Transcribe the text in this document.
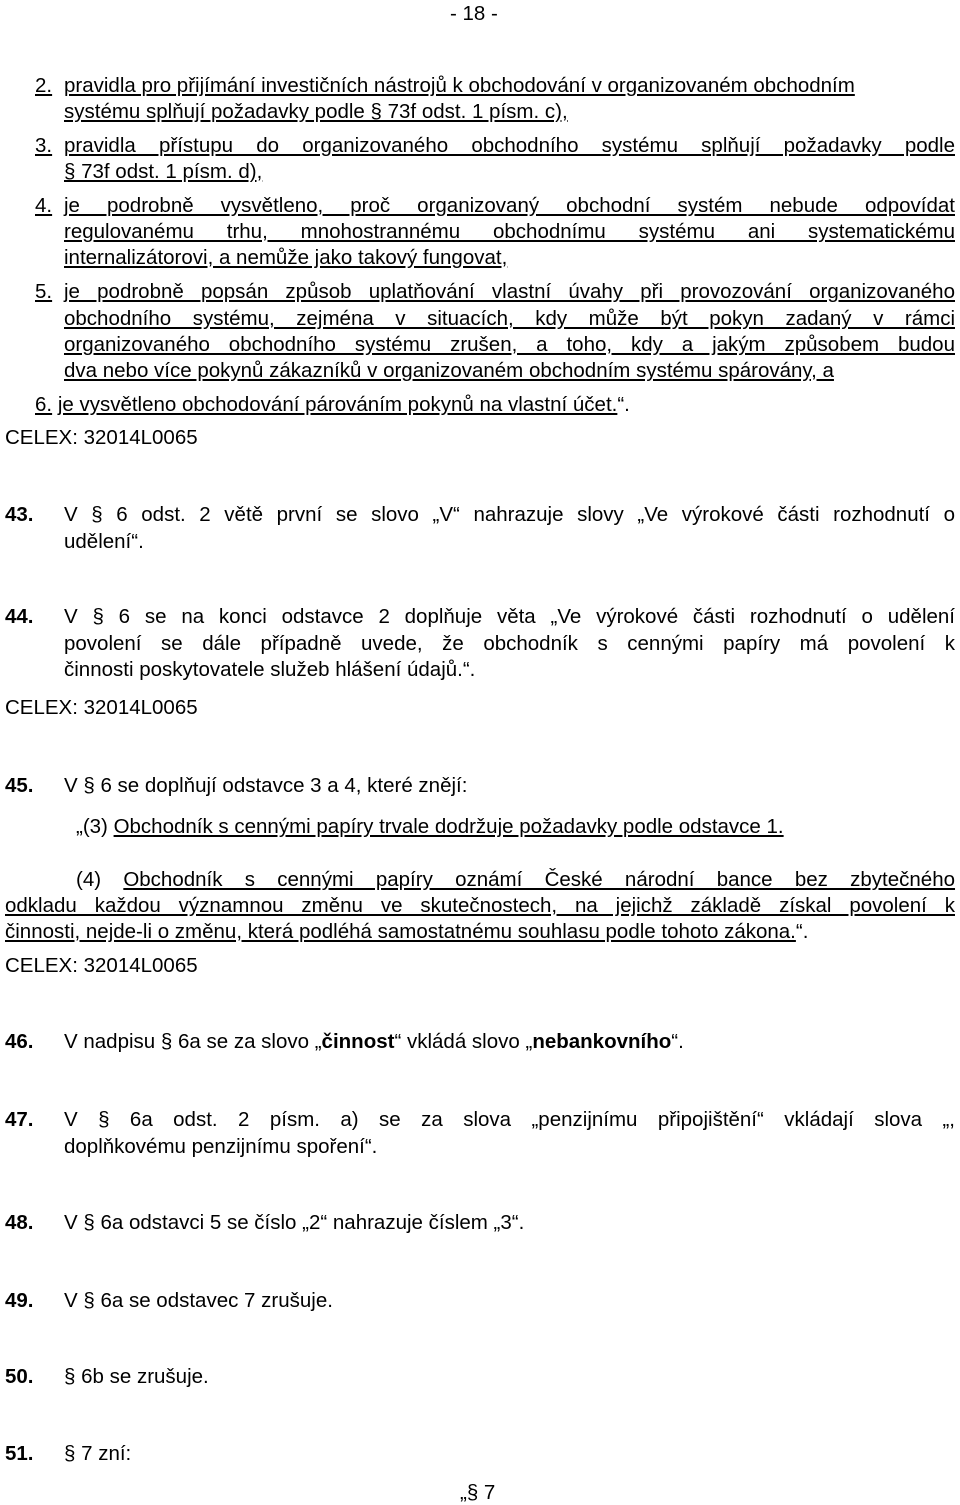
- 18 -
2. pravidla pro přijímání investičních nástrojů k obchodování v organizovaném obchodním
systému splňují požadavky podle § 73f odst. 1 písm. c),
3. pravidla přístupu do organizovaného obchodního systému splňují požadavky podle
§ 73f odst. 1 písm. d),
4. je podrobně vysvětleno, proč organizovaný obchodní systém nebude odpovídat
regulovanému trhu, mnohostrannému obchodnímu systému ani systematickému
internalizátorovi, a nemůže jako takový fungovat,
5. je podrobně popsán způsob uplatňování vlastní úvahy při provozování organizovaného
obchodního systému, zejména v situacích, kdy může být pokyn zadaný v rámci
organizovaného obchodního systému zrušen, a toho, kdy a jakým způsobem budou
dva nebo více pokynů zákazníků v organizovaném obchodním systému spárovány, a
6. je vysvětleno obchodování párováním pokynů na vlastní účet.“.
CELEX: 32014L0065
43. V § 6 odst. 2 větě první se slovo „V“ nahrazuje slovy „Ve výrokové části rozhodnutí o
udělení“.
44. V § 6 se na konci odstavce 2 doplňuje věta „Ve výrokové části rozhodnutí o udělení
povolení se dále případně uvede, že obchodník s cennými papíry má povolení k
činnosti poskytovatele služeb hlášení údajů.“.
CELEX: 32014L0065
45. V § 6 se doplňují odstavce 3 a 4, které znějí:
„(3) Obchodník s cennými papíry trvale dodržuje požadavky podle odstavce 1.
(4) Obchodník s cennými papíry oznámí České národní bance bez zbytečného
odkladu každou významnou změnu ve skutečnostech, na jejichž základě získal povolení k
činnosti, nejde-li o změnu, která podléhá samostatnému souhlasu podle tohoto zákona.“.
CELEX: 32014L0065
46. V nadpisu § 6a se za slovo „činnost“ vkládá slovo „nebankovního“.
47. V § 6a odst. 2 písm. a) se za slova „penzijnímu připojištění“ vkládají slova „,
doplňkovému penzijnímu spoření“.
48. V § 6a odstavci 5 se číslo „2“ nahrazuje číslem „3“.
49. V § 6a se odstavec 7 zrušuje.
50. § 6b se zrušuje.
51. § 7 zní:
„§ 7
